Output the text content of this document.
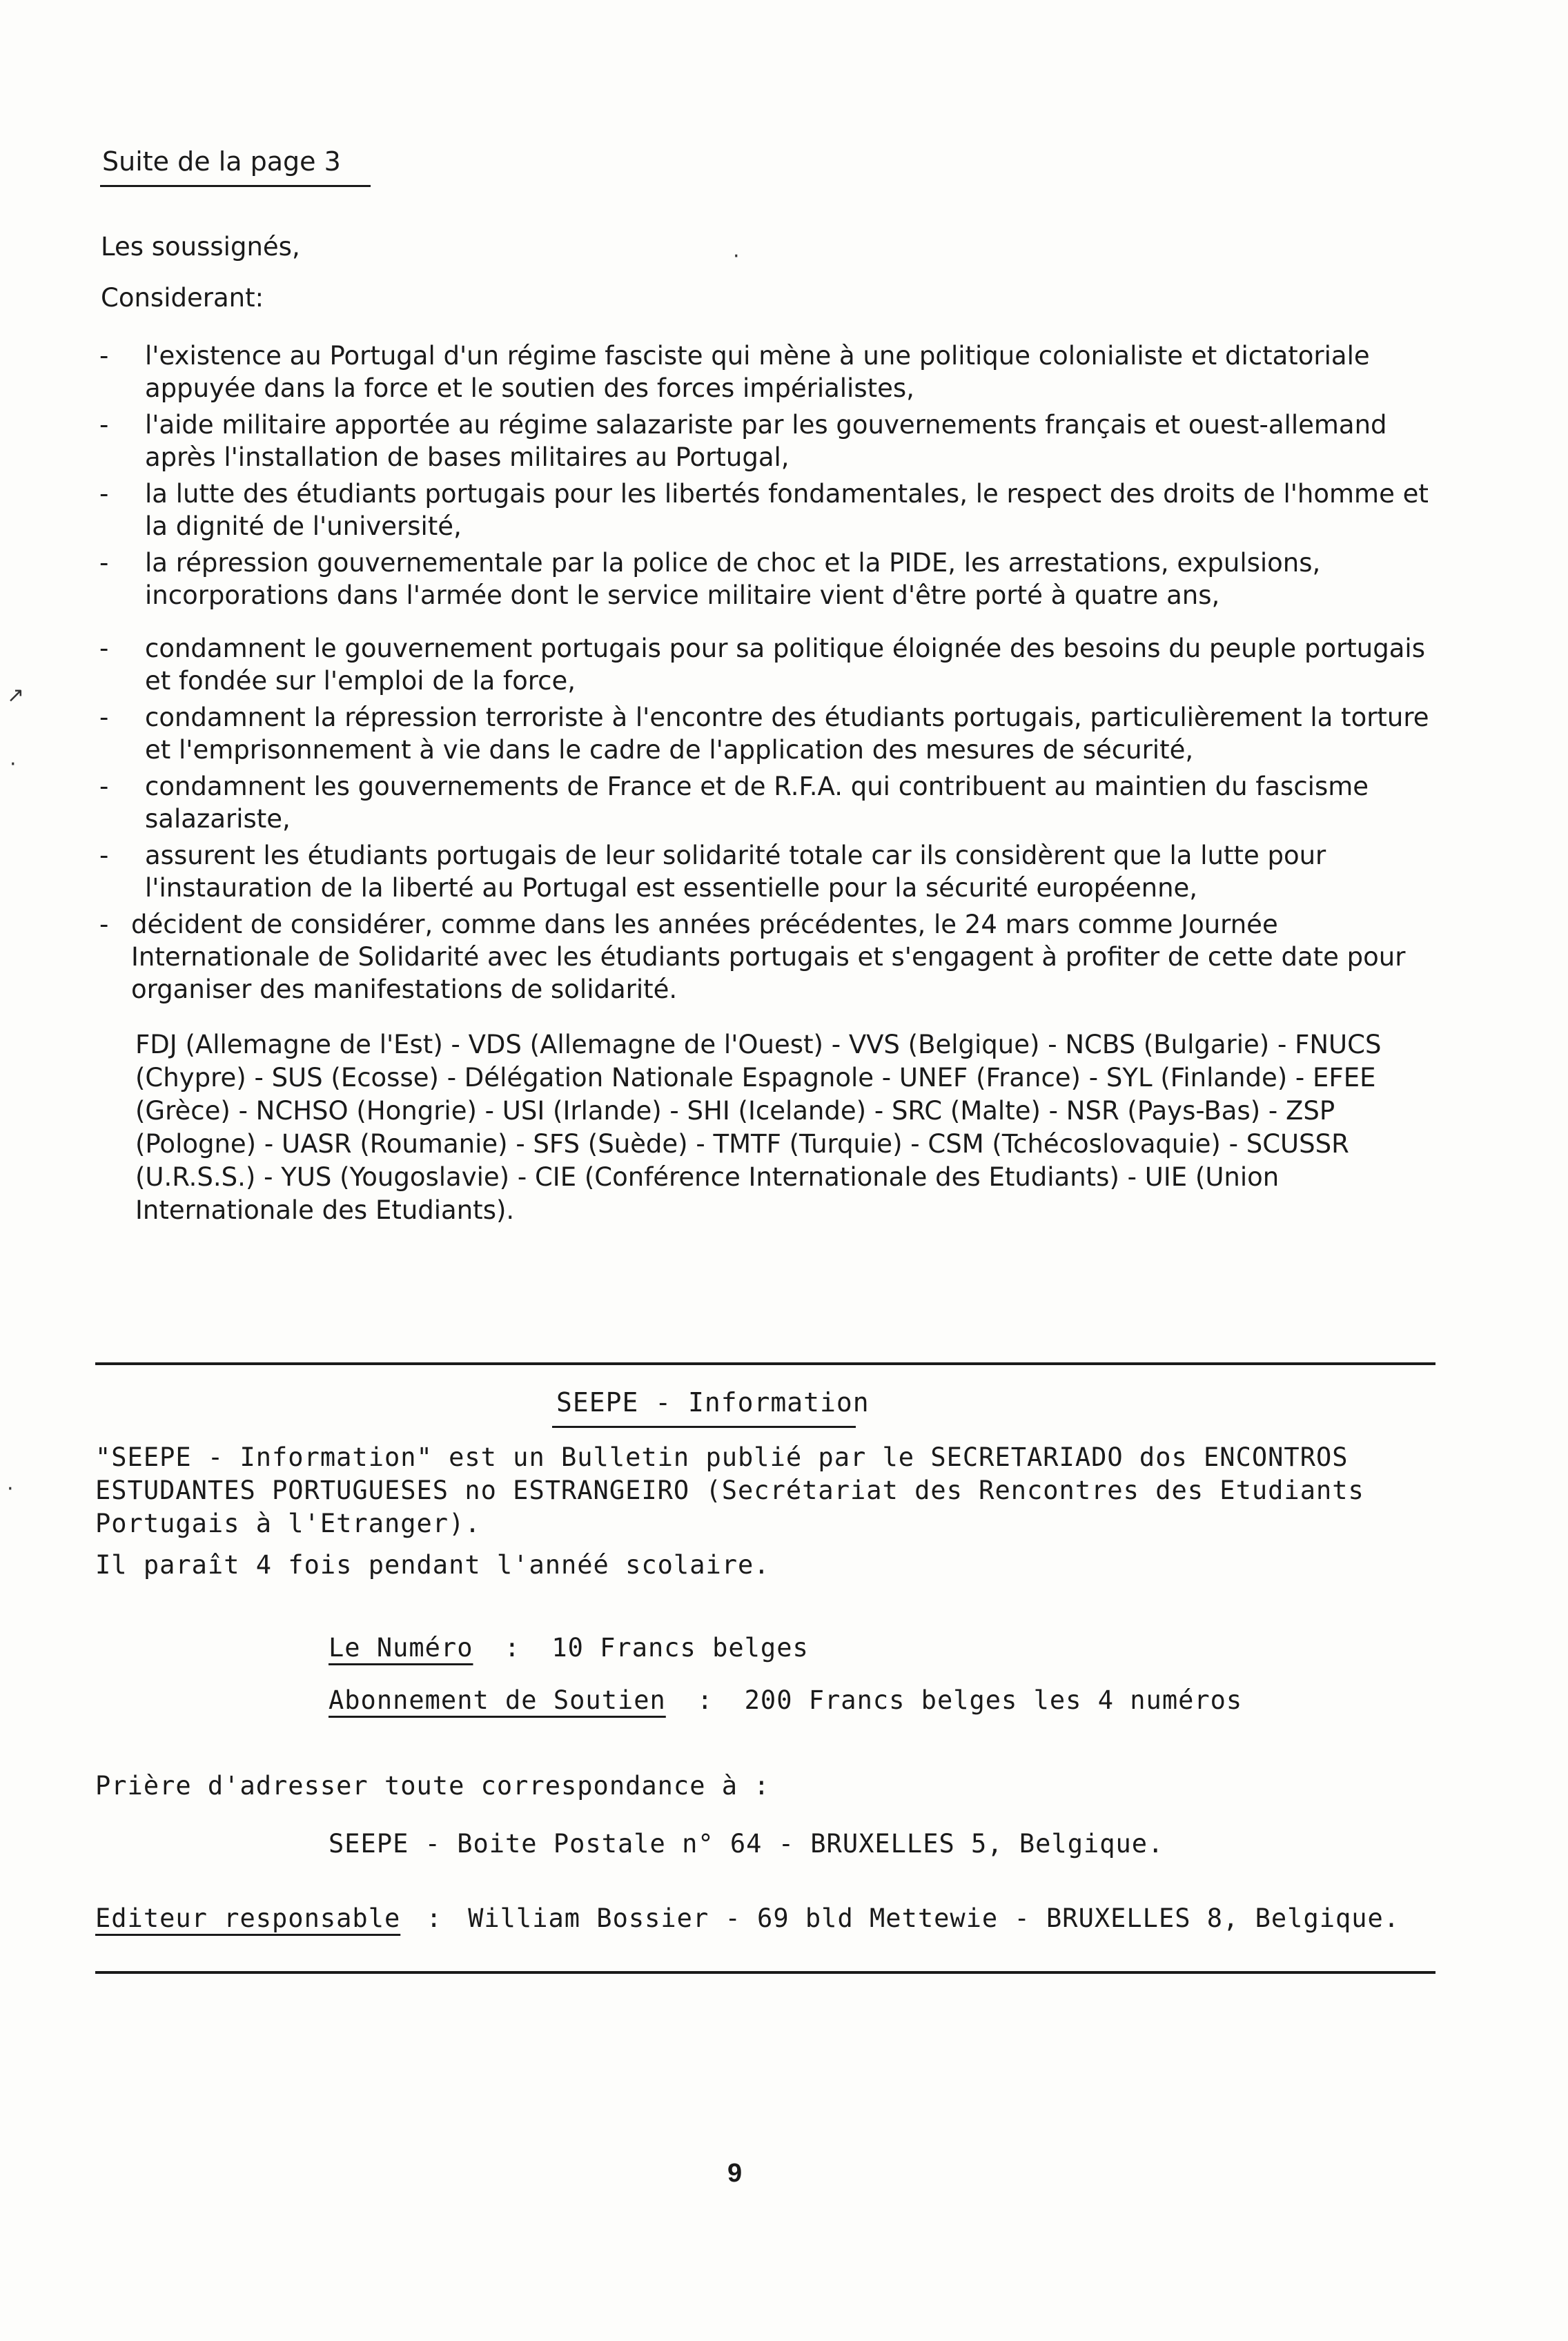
Suite de la page 3
Les soussignés,
Considerant:
-	l'existence au Portugal d'un régime fasciste qui mène à une politique colonialiste et dictatoriale appuyée dans la force et le soutien des forces impérialistes,
-	l'aide militaire apportée au régime salazariste par les gouvernements français et ouest-allemand après l'installation de bases militaires au Portugal,
-	la lutte des étudiants portugais pour les libertés fondamentales, le respect des droits de l'homme et la dignité de l'université,
-	la répression gouvernementale par la police de choc et la PIDE, les arrestations, expulsions, incorporations dans l'armée dont le service militaire vient d'être porté à quatre ans,
-	condamnent le gouvernement portugais pour sa politique éloignée des besoins du peuple portugais et fondée sur l'emploi de la force,
-	condamnent la répression terroriste à l'encontre des étudiants portugais, particulièrement la torture et l'emprisonnement à vie dans le cadre de l'application des mesures de sécurité,
-	condamnent les gouvernements de France et de R.F.A. qui contribuent au maintien du fascisme salazariste,
-	assurent les étudiants portugais de leur solidarité totale car ils considèrent que la lutte pour l'instauration de la liberté au Portugal est essentielle pour la sécurité européenne,
- décident de considérer, comme dans les années précédentes, le 24 mars comme Journée Internationale de Solidarité avec les étudiants portugais et s'engagent à profiter de cette date pour organiser des manifestations de solidarité.
FDJ (Allemagne de l'Est) - VDS (Allemagne de l'Ouest) - VVS (Belgique) - NCBS (Bulgarie) - FNUCS (Chypre) - SUS (Ecosse) - Délégation Nationale Espagnole - UNEF (France) - SYL (Finlande) - EFEE (Grèce) - NCHSO (Hongrie) - USI (Irlande) - SHI (Icelande) - SRC (Malte) - NSR (Pays-Bas) - ZSP (Pologne) - UASR (Roumanie) - SFS (Suède) - TMTF (Turquie) - CSM (Tchécoslovaquie) - SCUSSR (U.R.S.S.) - YUS (Yougoslavie) - CIE (Conférence Internationale des Etudiants) - UIE (Union Internationale des Etudiants).
SEEPE - Information
"SEEPE - Information" est un Bulletin publié par le SECRETARIADO dos ENCONTROS ESTUDANTES PORTUGUESES no ESTRANGEIRO (Secrétariat des Rencontres des Etudiants Portugais à l'Etranger).
Il paraît 4 fois pendant l'annéé scolaire.
Le Numéro : 10 Francs belges
Abonnement de Soutien : 200 Francs belges les 4 numéros
Prière d'adresser toute correspondance à :
SEEPE - Boite Postale n° 64 - BRUXELLES 5, Belgique.
Editeur responsable : William Bossier - 69 bld Mettewie - BRUXELLES 8, Belgique.
9
↗
·
·
·
